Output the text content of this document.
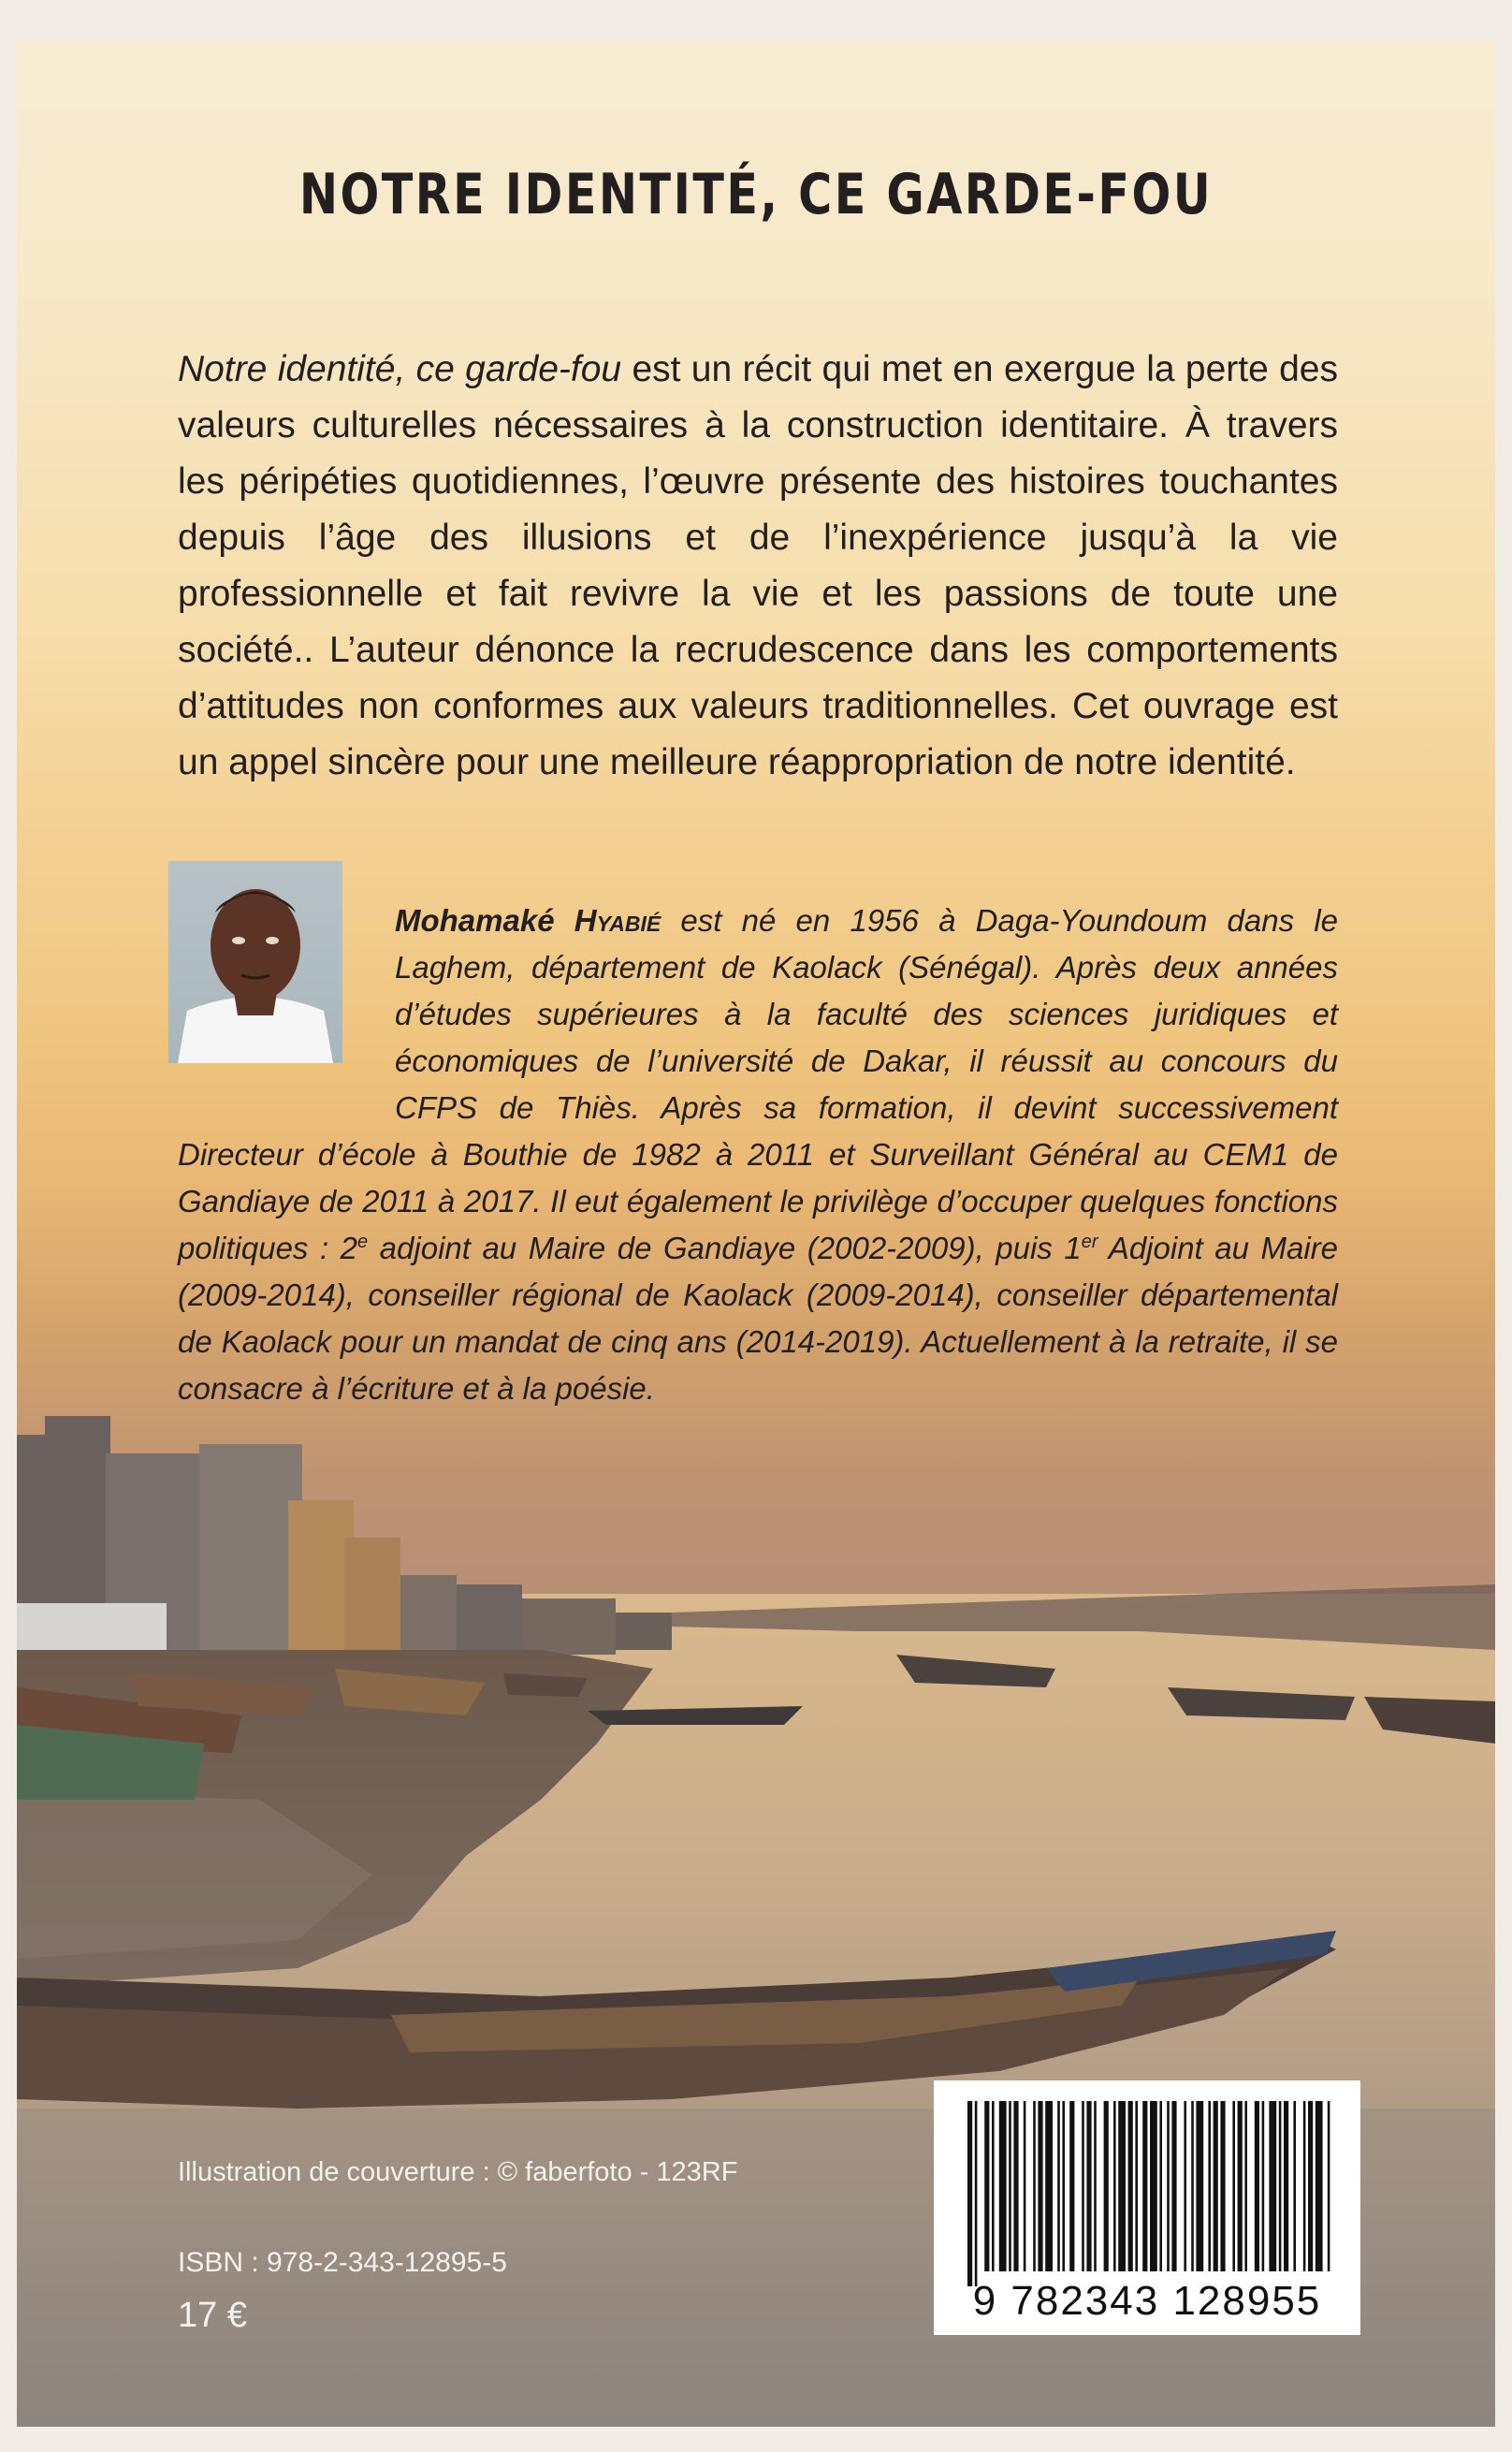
NOTRE IDENTITÉ, CE GARDE-FOU

Notre identité, ce garde-fou est un récit qui met en exergue la perte des valeurs culturelles nécessaires à la construction identitaire. À travers les péripéties quotidiennes, l’œuvre présente des histoires touchantes depuis l’âge des illusions et de l’inexpérience jusqu’à la vie professionnelle et fait revivre la vie et les passions de toute une société.. L’auteur dénonce la recrudescence dans les comportements d’attitudes non conformes aux valeurs traditionnelles. Cet ouvrage est un appel sincère pour une meilleure réappropriation de notre identité.

Mohamaké Hyabié est né en 1956 à Daga-Youndoum dans le Laghem, département de Kaolack (Sénégal). Après deux années d’études supérieures à la faculté des sciences juridiques et économiques de l’université de Dakar, il réussit au concours du CFPS de Thiès. Après sa formation, il devint successivement Directeur d’école à Bouthie de 1982 à 2011 et Surveillant Général au CEM1 de Gandiaye de 2011 à 2017. Il eut également le privilège d’occuper quelques fonctions politiques : 2e adjoint au Maire de Gandiaye (2002-2009), puis 1er Adjoint au Maire (2009-2014), conseiller régional de Kaolack (2009-2014), conseiller départemental de Kaolack pour un mandat de cinq ans (2014-2019). Actuellement à la retraite, il se consacre à l’écriture et à la poésie.

Illustration de couverture : © faberfoto - 123RF

ISBN : 978-2-343-12895-5

17 €	9 782343 128955
